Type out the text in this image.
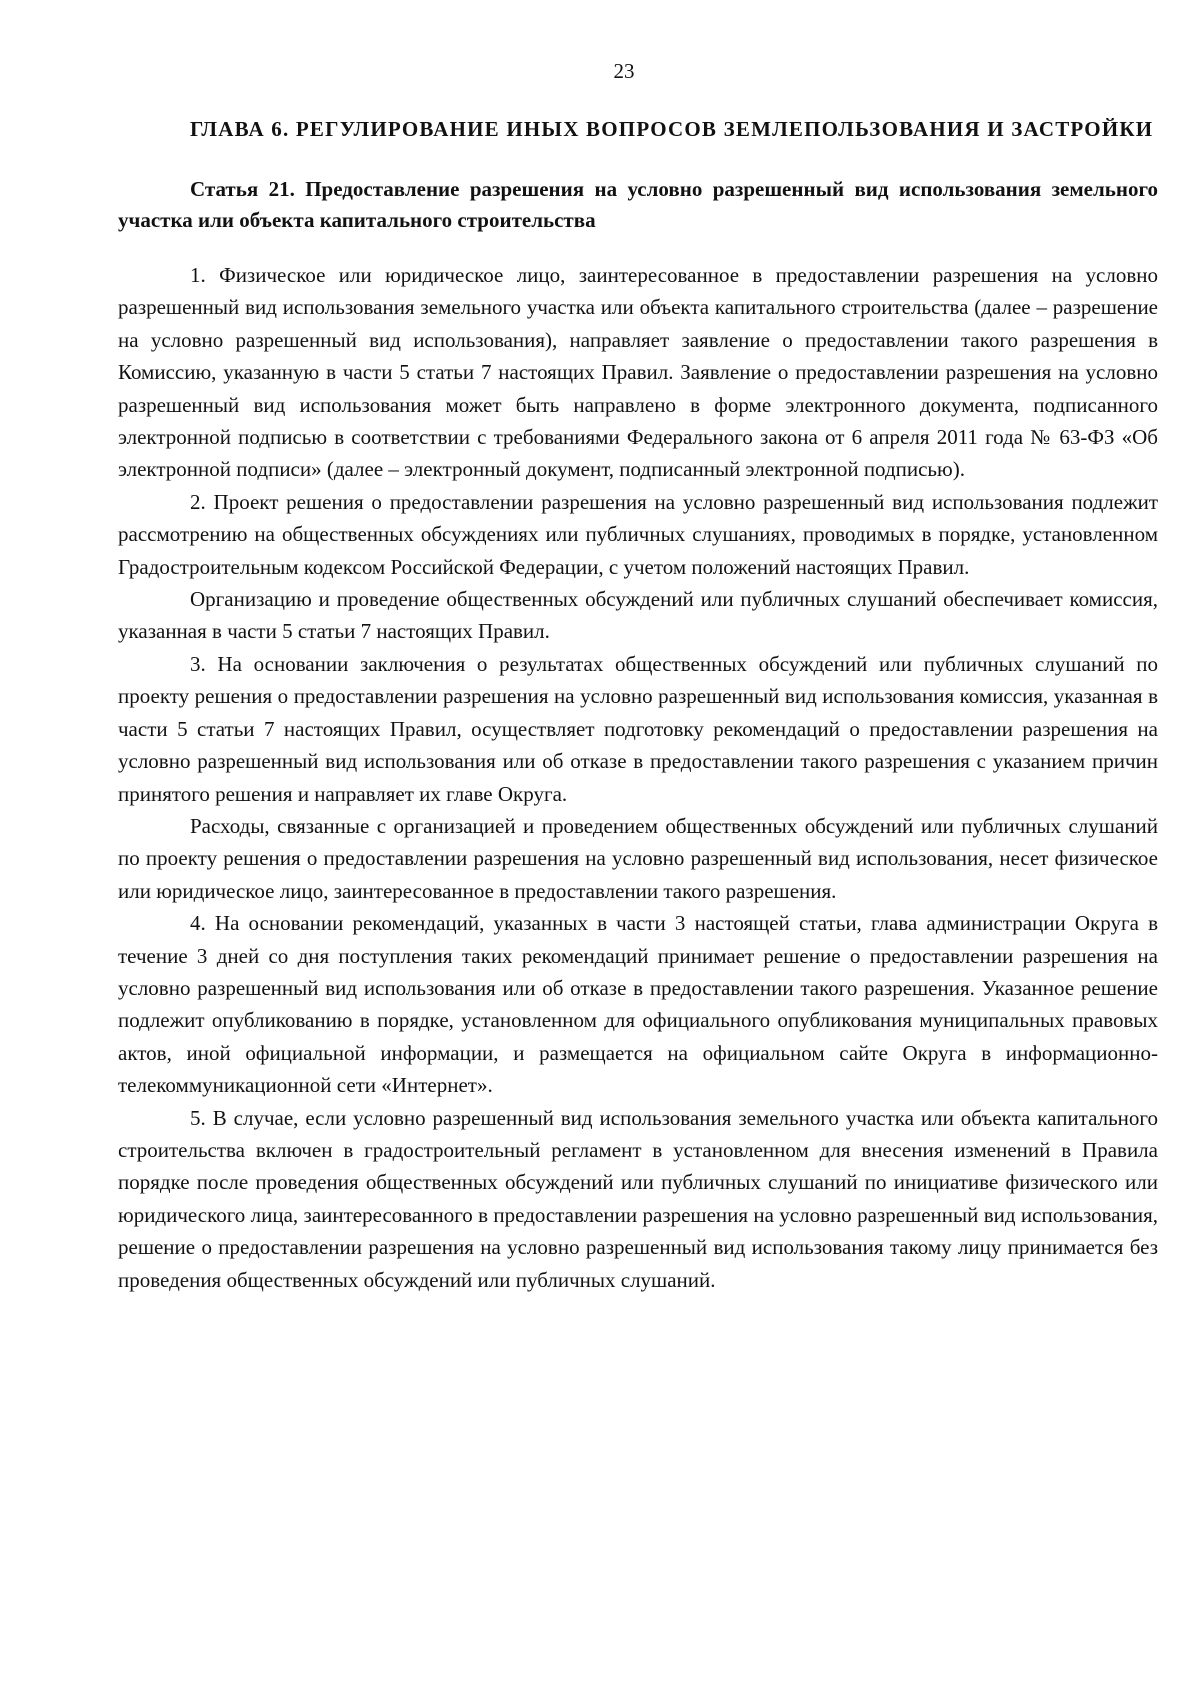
23

ГЛАВА 6. РЕГУЛИРОВАНИЕ ИНЫХ ВОПРОСОВ ЗЕМЛЕПОЛЬЗОВАНИЯ И ЗАСТРОЙКИ

Статья 21. Предоставление разрешения на условно разрешенный вид использования земельного участка или объекта капитального строительства

1. Физическое или юридическое лицо, заинтересованное в предоставлении разрешения на условно разрешенный вид использования земельного участка или объекта капитального строительства (далее – разрешение на условно разрешенный вид использования), направляет заявление о предоставлении такого разрешения в Комиссию, указанную в части 5 статьи 7 настоящих Правил. Заявление о предоставлении разрешения на условно разрешенный вид использования может быть направлено в форме электронного документа, подписанного электронной подписью в соответствии с требованиями Федерального закона от 6 апреля 2011 года № 63-ФЗ «Об электронной подписи» (далее – электронный документ, подписанный электронной подписью).

2. Проект решения о предоставлении разрешения на условно разрешенный вид использования подлежит рассмотрению на общественных обсуждениях или публичных слушаниях, проводимых в порядке, установленном Градостроительным кодексом Российской Федерации, с учетом положений настоящих Правил.

Организацию и проведение общественных обсуждений или публичных слушаний обеспечивает комиссия, указанная в части 5 статьи 7 настоящих Правил.

3. На основании заключения о результатах общественных обсуждений или публичных слушаний по проекту решения о предоставлении разрешения на условно разрешенный вид использования комиссия, указанная в части 5 статьи 7 настоящих Правил, осуществляет подготовку рекомендаций о предоставлении разрешения на условно разрешенный вид использования или об отказе в предоставлении такого разрешения с указанием причин принятого решения и направляет их главе Округа.

Расходы, связанные с организацией и проведением общественных обсуждений или публичных слушаний по проекту решения о предоставлении разрешения на условно разрешенный вид использования, несет физическое или юридическое лицо, заинтересованное в предоставлении такого разрешения.

4. На основании рекомендаций, указанных в части 3 настоящей статьи, глава администрации Округа в течение 3 дней со дня поступления таких рекомендаций принимает решение о предоставлении разрешения на условно разрешенный вид использования или об отказе в предоставлении такого разрешения. Указанное решение подлежит опубликованию в порядке, установленном для официального опубликования муниципальных правовых актов, иной официальной информации, и размещается на официальном сайте Округа в информационно-телекоммуникационной сети «Интернет».

5. В случае, если условно разрешенный вид использования земельного участка или объекта капитального строительства включен в градостроительный регламент в установленном для внесения изменений в Правила порядке после проведения общественных обсуждений или публичных слушаний по инициативе физического или юридического лица, заинтересованного в предоставлении разрешения на условно разрешенный вид использования, решение о предоставлении разрешения на условно разрешенный вид использования такому лицу принимается без проведения общественных обсуждений или публичных слушаний.
